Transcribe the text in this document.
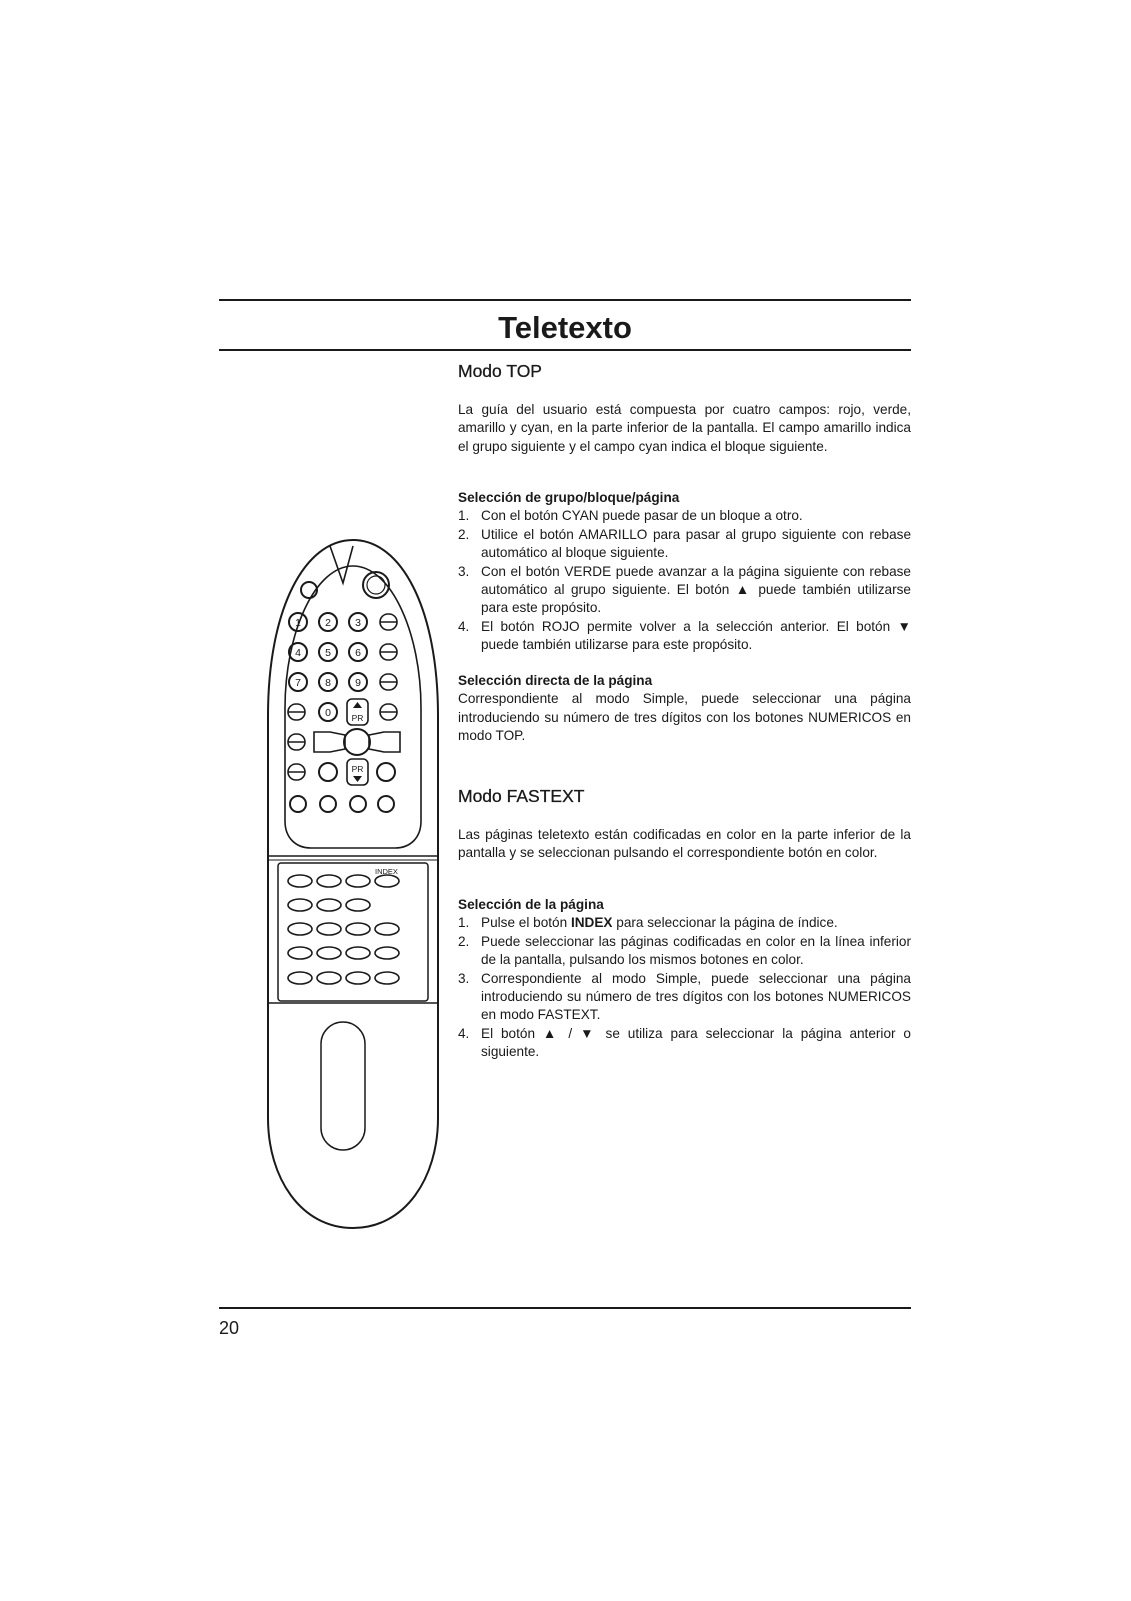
Teletexto
1 2 3
4 5 6
7 8 9
0 PR
PR
INDEX
Modo TOP

La guía del usuario está compuesta por cuatro campos: rojo, verde, amarillo y cyan, en la parte inferior de la pantalla. El campo amarillo indica el grupo siguiente y el campo cyan indica el bloque siguiente.

Selección de grupo/bloque/página
1. Con el botón CYAN puede pasar de un bloque a otro.
2. Utilice el botón AMARILLO para pasar al grupo siguiente con rebase automático al bloque siguiente.
3. Con el botón VERDE puede avanzar a la página siguiente con rebase automático al grupo siguiente. El botón ▲ puede también utilizarse para este propósito.
4. El botón ROJO permite volver a la selección anterior. El botón ▼ puede también utilizarse para este propósito.
Selección directa de la página

Correspondiente al modo Simple, puede seleccionar una página introduciendo su número de tres dígitos con los botones NUMERICOS en modo TOP.

Modo FASTEXT

Las páginas teletexto están codificadas en color en la parte inferior de la pantalla y se seleccionan pulsando el correspondiente botón en color.

Selección de la página
1. Pulse el botón INDEX para seleccionar la página de índice.
2. Puede seleccionar las páginas codificadas en color en la línea inferior de la pantalla, pulsando los mismos botones en color.
3. Correspondiente al modo Simple, puede seleccionar una página introduciendo su número de tres dígitos con los botones NUMERICOS en modo FASTEXT.
4. El botón ▲ / ▼ se utiliza para seleccionar la página anterior o siguiente.
20
